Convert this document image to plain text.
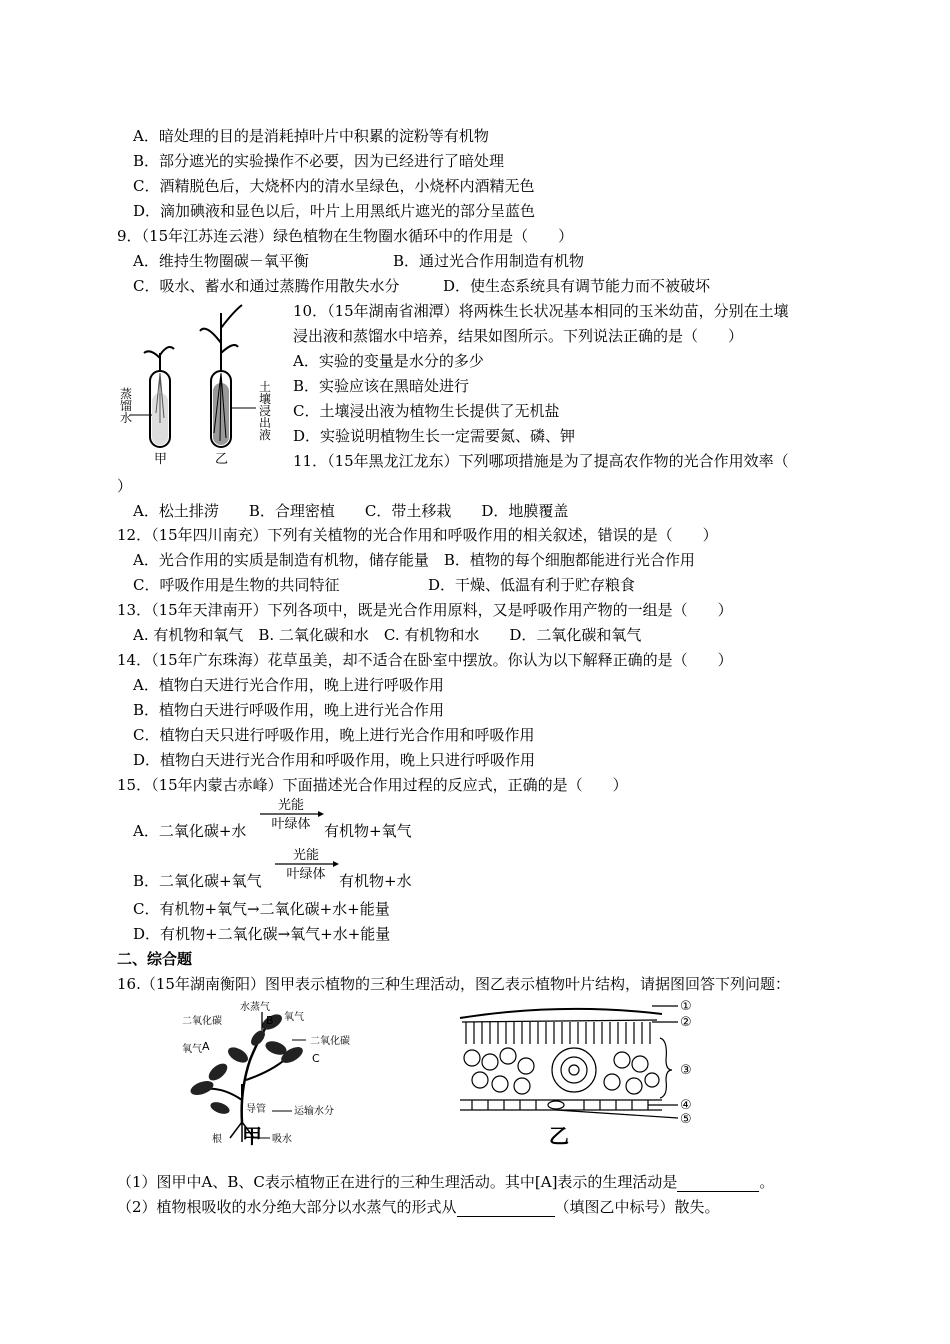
A．暗处理的目的是消耗掉叶片中积累的淀粉等有机物
B．部分遮光的实验操作不必要，因为已经进行了暗处理
C．酒精脱色后，大烧杯内的清水呈绿色，小烧杯内酒精无色
D．滴加碘液和显色以后，叶片上用黑纸片遮光的部分呈蓝色
9．（15年江苏连云港）绿色植物在生物圈水循环中的作用是（　　）
A．维持生物圈碳－氧平衡	B．通过光合作用制造有机物
C．吸水、蓄水和通过蒸腾作用散失水分	D．使生态系统具有调节能力而不被破坏
蒸馏水
土壤浸出液
甲	乙
10．（15年湖南省湘潭）将两株生长状况基本相同的玉米幼苗，分别在土壤
浸出液和蒸馏水中培养，结果如图所示。下列说法正确的是（　　）
A．实验的变量是水分的多少
B．实验应该在黑暗处进行
C．土壤浸出液为植物生长提供了无机盐
D．实验说明植物生长一定需要氮、磷、钾
11．（15年黑龙江龙东）下列哪项措施是为了提高农作物的光合作用效率（
）
A．松土排涝　　B．合理密植　　C．带土移栽　　D．地膜覆盖
12．（15年四川南充）下列有关植物的光合作用和呼吸作用的相关叙述，错误的是（　　）
A．光合作用的实质是制造有机物，储存能量　B．植物的每个细胞都能进行光合作用
C．呼吸作用是生物的共同特征	D．干燥、低温有利于贮存粮食
13．（15年天津南开）下列各项中，既是光合作用原料，又是呼吸作用产物的一组是（　　）
A. 有机物和氧气　B. 二氧化碳和水　C. 有机物和水　　D．二氧化碳和氧气
14．（15年广东珠海）花草虽美，却不适合在卧室中摆放。你认为以下解释正确的是（　　）
A．植物白天进行光合作用，晚上进行呼吸作用
B．植物白天进行呼吸作用，晚上进行光合作用
C．植物白天只进行呼吸作用，晚上进行光合作用和呼吸作用
D．植物白天进行光合作用和呼吸作用，晚上只进行呼吸作用
15．（15年内蒙古赤峰）下面描述光合作用过程的反应式，正确的是（　　）
A．二氧化碳+水
光能
叶绿体 有机物+氧气
B．二氧化碳+氧气
光能
叶绿体 有机物+水
C．有机物+氧气→二氧化碳+水+能量
D．有机物+二氧化碳→氧气+水+能量
二、综合题
16.（15年湖南衡阳）图甲表示植物的三种生理活动，图乙表示植物叶片结构，请据图回答下列问题：
水蒸气
二氧化碳	氧气
氧气
二氧化碳
A
B
C
导管	运输水分
根	吸水
甲
①
②
③
④
⑤
乙
（1）图甲中A、B、C表示植物正在进行的三种生理活动。其中[A]表示的生理活动是	。
（2）植物根吸收的水分绝大部分以水蒸气的形式从	（填图乙中标号）散失。
